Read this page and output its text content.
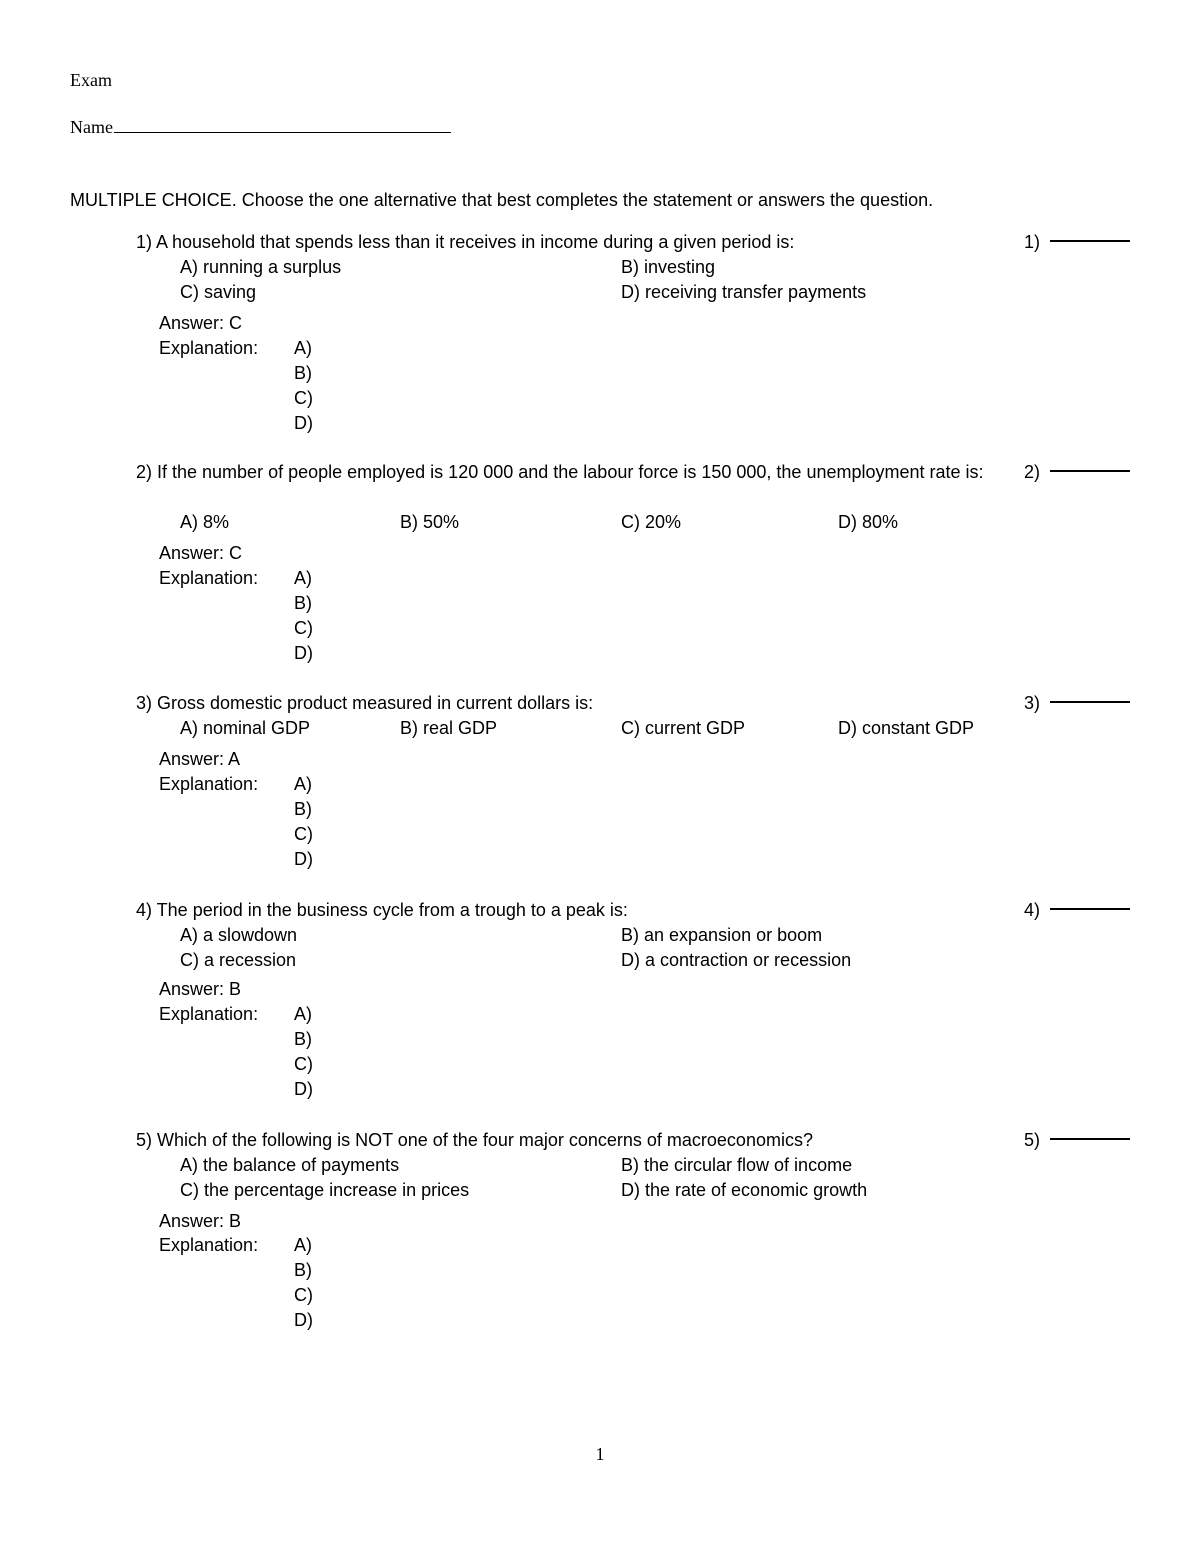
Exam
Name
MULTIPLE CHOICE. Choose the one alternative that best completes the statement or answers the question.
1) A household that spends less than it receives in income during a given period is:	1)
A) running a surplus	B) investing
C) saving	D) receiving transfer payments
Answer: C
Explanation: A)
B)
C)
D)
2) If the number of people employed is 120 000 and the labour force is 150 000, the unemployment rate is: 2)
A) 8%	B) 50%	C) 20%	D) 80%
Answer: C
Explanation: A)
B)
C)
D)
3) Gross domestic product measured in current dollars is:	3)
A) nominal GDP	B) real GDP	C) current GDP	D) constant GDP
Answer: A
Explanation: A)
B)
C)
D)
4) The period in the business cycle from a trough to a peak is:	4)
A) a slowdown	B) an expansion or boom
C) a recession	D) a contraction or recession
Answer: B
Explanation: A)
B)
C)
D)
5) Which of the following is NOT one of the four major concerns of macroeconomics?	5)
A) the balance of payments	B) the circular flow of income
C) the percentage increase in prices	D) the rate of economic growth
Answer: B
Explanation: A)
B)
C)
D)
1
